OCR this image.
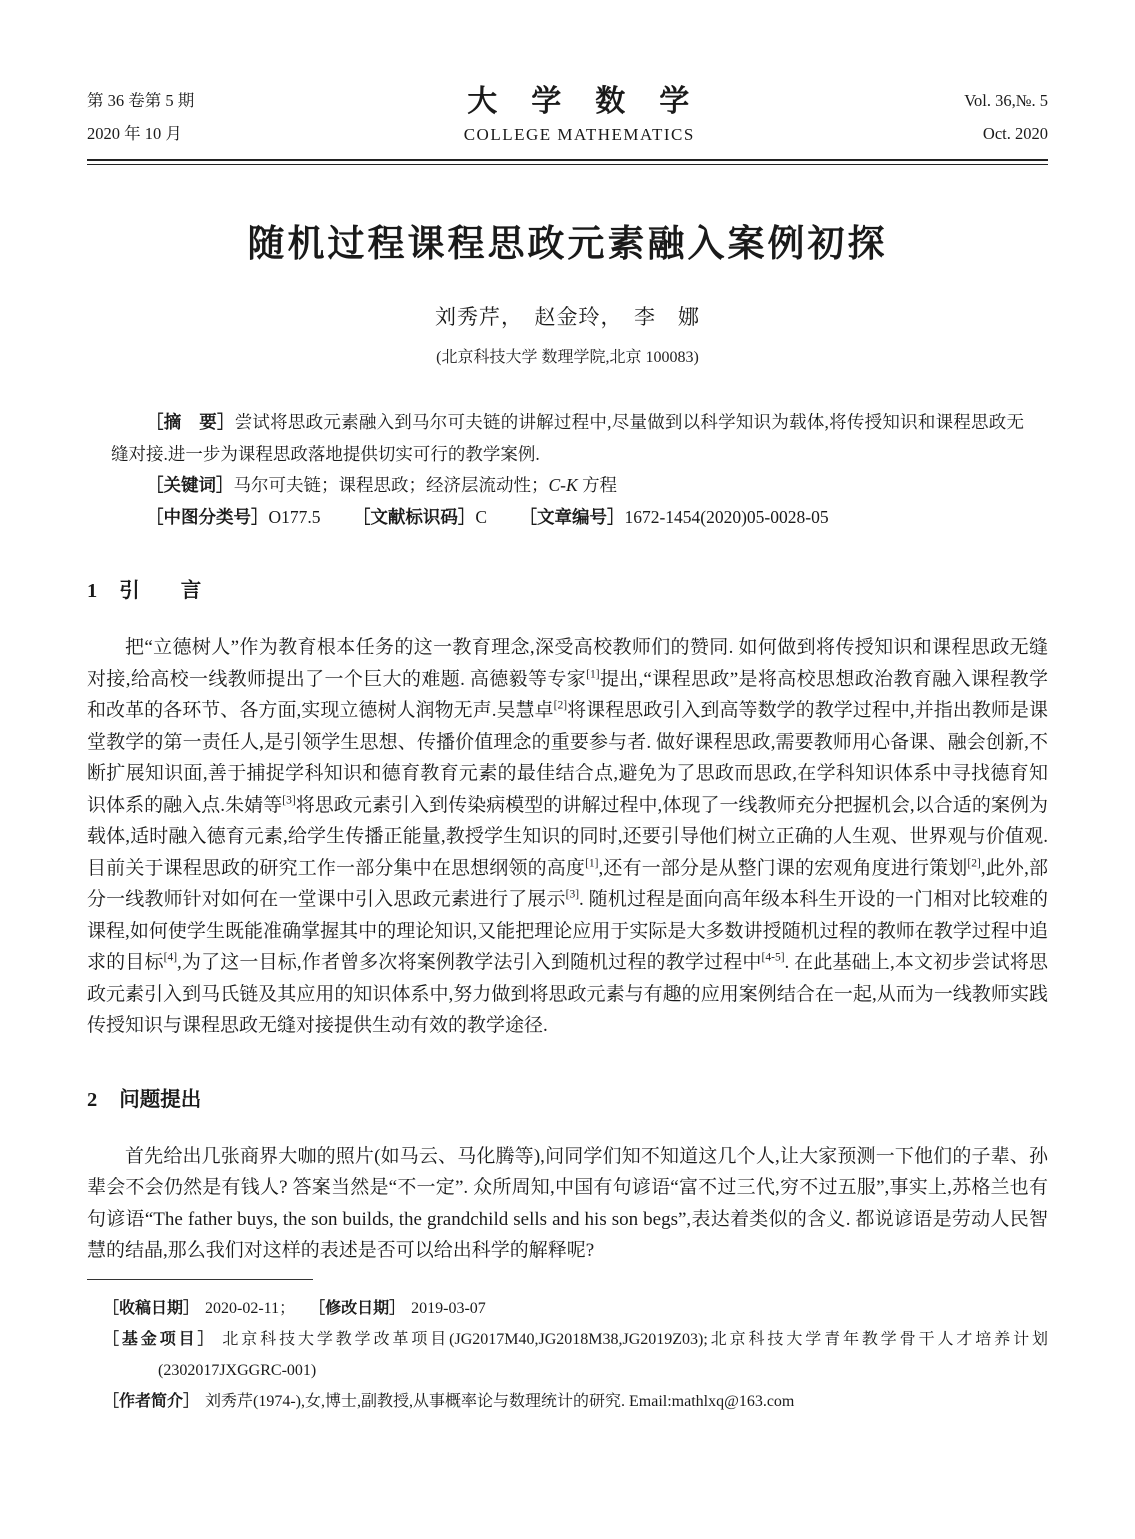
第 36 卷第 5 期
2020 年 10 月
大　学　数　学
COLLEGE MATHEMATICS
Vol. 36,№. 5
Oct. 2020
随机过程课程思政元素融入案例初探
刘秀芹，　赵金玲，　李　娜
(北京科技大学 数理学院,北京 100083)

［摘　要］尝试将思政元素融入到马尔可夫链的讲解过程中,尽量做到以科学知识为载体,将传授知识和课程思政无缝对接.进一步为课程思政落地提供切实可行的教学案例.

［关键词］马尔可夫链；课程思政；经济层流动性；C-K 方程

［中图分类号］O177.5 ［文献标识码］C ［文章编号］1672-1454(2020)05-0028-05

1 引　　言

把“立德树人”作为教育根本任务的这一教育理念,深受高校教师们的赞同. 如何做到将传授知识和课程思政无缝对接,给高校一线教师提出了一个巨大的难题. 高德毅等专家[1]提出,“课程思政”是将高校思想政治教育融入课程教学和改革的各环节、各方面,实现立德树人润物无声.吴慧卓[2]将课程思政引入到高等数学的教学过程中,并指出教师是课堂教学的第一责任人,是引领学生思想、传播价值理念的重要参与者. 做好课程思政,需要教师用心备课、融会创新,不断扩展知识面,善于捕捉学科知识和德育教育元素的最佳结合点,避免为了思政而思政,在学科知识体系中寻找德育知识体系的融入点.朱婧等[3]将思政元素引入到传染病模型的讲解过程中,体现了一线教师充分把握机会,以合适的案例为载体,适时融入德育元素,给学生传播正能量,教授学生知识的同时,还要引导他们树立正确的人生观、世界观与价值观. 目前关于课程思政的研究工作一部分集中在思想纲领的高度[1],还有一部分是从整门课的宏观角度进行策划[2],此外,部分一线教师针对如何在一堂课中引入思政元素进行了展示[3]. 随机过程是面向高年级本科生开设的一门相对比较难的课程,如何使学生既能准确掌握其中的理论知识,又能把理论应用于实际是大多数讲授随机过程的教师在教学过程中追求的目标[4],为了这一目标,作者曾多次将案例教学法引入到随机过程的教学过程中[4-5]. 在此基础上,本文初步尝试将思政元素引入到马氏链及其应用的知识体系中,努力做到将思政元素与有趣的应用案例结合在一起,从而为一线教师实践传授知识与课程思政无缝对接提供生动有效的教学途径.

2 问题提出

首先给出几张商界大咖的照片(如马云、马化腾等),问同学们知不知道这几个人,让大家预测一下他们的子辈、孙辈会不会仍然是有钱人? 答案当然是“不一定”. 众所周知,中国有句谚语“富不过三代,穷不过五服”,事实上,苏格兰也有句谚语“The father buys, the son builds, the grandchild sells and his son begs”,表达着类似的含义. 都说谚语是劳动人民智慧的结晶,那么我们对这样的表述是否可以给出科学的解释呢?

［收稿日期］ 2020-02-11； ［修改日期］ 2019-03-07

［基金项目］ 北京科技大学教学改革项目(JG2017M40,JG2018M38,JG2019Z03);北京科技大学青年教学骨干人才培养计划(2302017JXGGRC-001)

［作者简介］ 刘秀芹(1974-),女,博士,副教授,从事概率论与数理统计的研究. Email:mathlxq@163.com
